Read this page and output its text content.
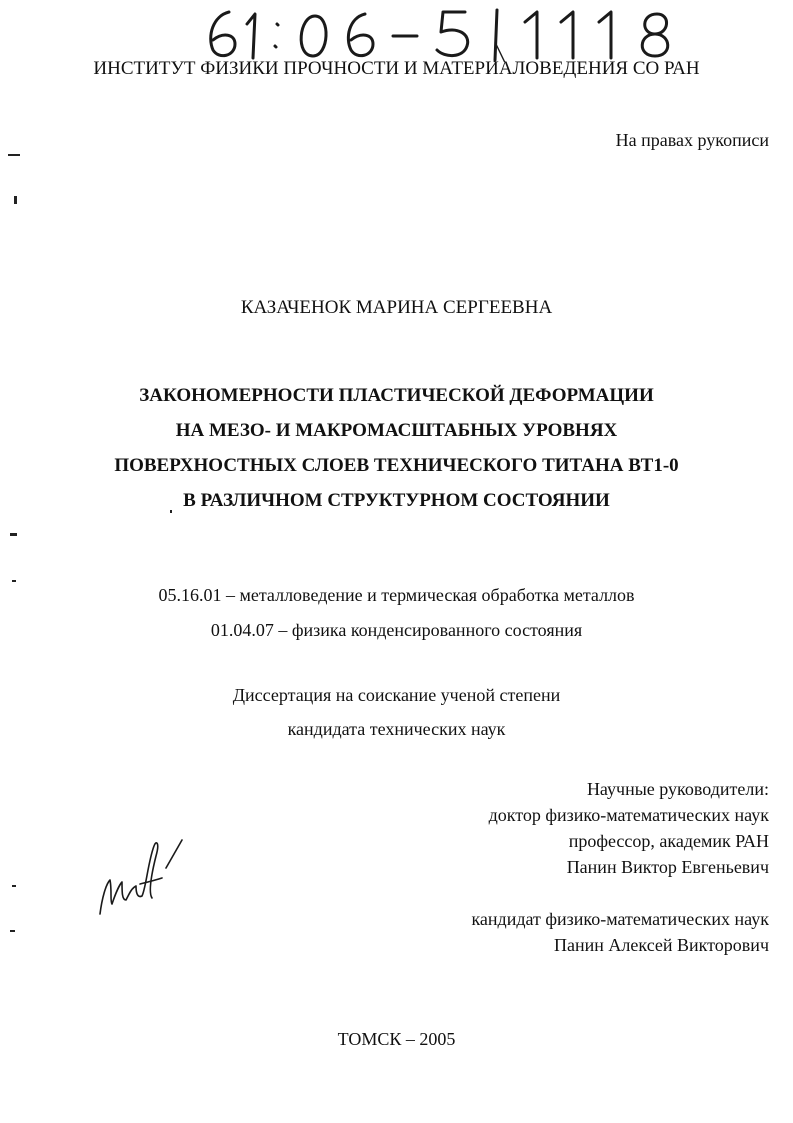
ИНСТИТУТ ФИЗИКИ ПРОЧНОСТИ И МАТЕРИАЛОВЕДЕНИЯ СО РАН
На правах рукописи
КАЗАЧЕНОК МАРИНА СЕРГЕЕВНА
ЗАКОНОМЕРНОСТИ ПЛАСТИЧЕСКОЙ ДЕФОРМАЦИИ
НА МЕЗО- И МАКРОМАСШТАБНЫХ УРОВНЯХ
ПОВЕРХНОСТНЫХ СЛОЕВ ТЕХНИЧЕСКОГО ТИТАНА ВТ1-0
В РАЗЛИЧНОМ СТРУКТУРНОМ СОСТОЯНИИ
05.16.01 – металловедение и термическая обработка металлов
01.04.07 – физика конденсированного состояния
Диссертация на соискание ученой степени
кандидата технических наук
Научные руководители:
доктор физико-математических наук
профессор, академик РАН
Панин Виктор Евгеньевич
кандидат физико-математических наук
Панин Алексей Викторович
ТОМСК – 2005
